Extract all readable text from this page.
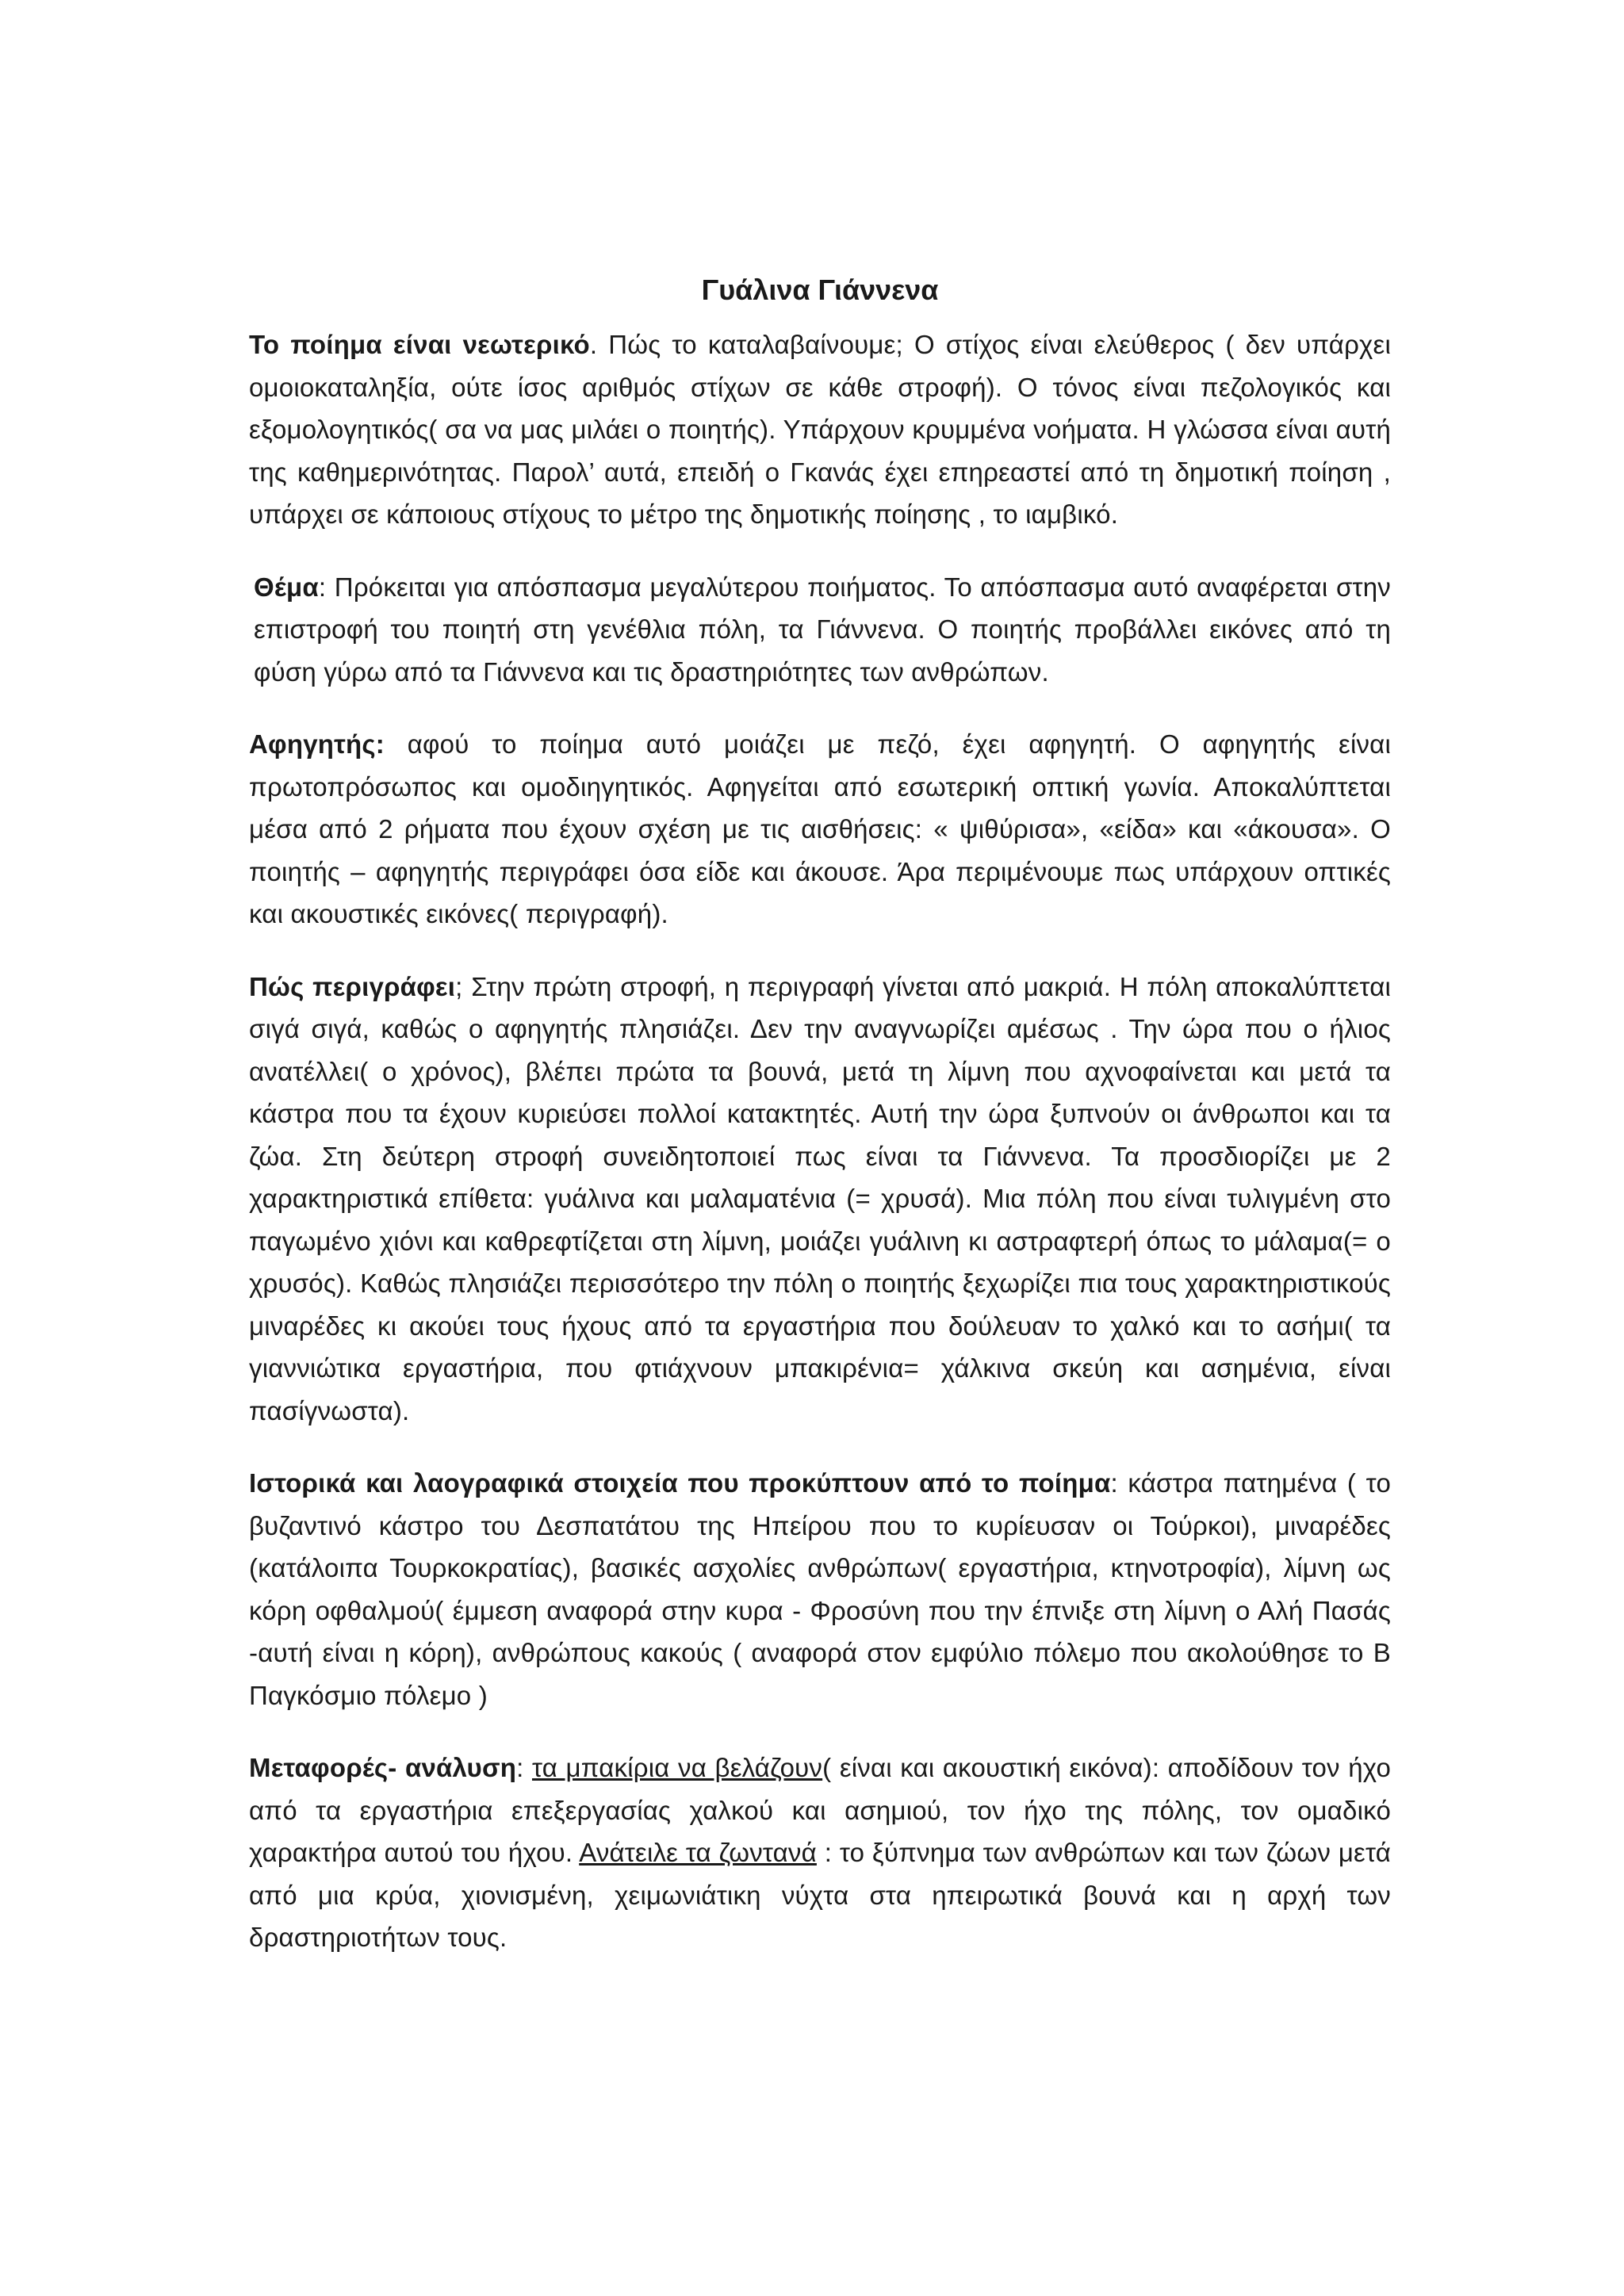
Γυάλινα Γιάννενα

Το ποίημα είναι νεωτερικό. Πώς το καταλαβαίνουμε; Ο στίχος είναι ελεύθερος ( δεν υπάρχει ομοιοκαταληξία, ούτε ίσος αριθμός στίχων σε κάθε στροφή). Ο τόνος είναι πεζολογικός και εξομολογητικός( σα να μας μιλάει ο ποιητής). Υπάρχουν κρυμμένα νοήματα. Η γλώσσα είναι αυτή της καθημερινότητας. Παρολ’ αυτά, επειδή ο Γκανάς έχει επηρεαστεί από τη δημοτική ποίηση , υπάρχει σε κάποιους στίχους το μέτρο της δημοτικής ποίησης , το ιαμβικό.

Θέμα: Πρόκειται για απόσπασμα μεγαλύτερου ποιήματος. Το απόσπασμα αυτό αναφέρεται στην επιστροφή του ποιητή στη γενέθλια πόλη, τα Γιάννενα. Ο ποιητής προβάλλει εικόνες από τη φύση γύρω από τα Γιάννενα και τις δραστηριότητες των ανθρώπων.

Αφηγητής: αφού το ποίημα αυτό μοιάζει με πεζό, έχει αφηγητή. Ο αφηγητής είναι πρωτοπρόσωπος και ομοδιηγητικός. Αφηγείται από εσωτερική οπτική γωνία. Αποκαλύπτεται μέσα από 2 ρήματα που έχουν σχέση με τις αισθήσεις: « ψιθύρισα», «είδα» και «άκουσα». Ο ποιητής – αφηγητής περιγράφει όσα είδε και άκουσε. Άρα περιμένουμε πως υπάρχουν οπτικές και ακουστικές εικόνες( περιγραφή).

Πώς περιγράφει; Στην πρώτη στροφή, η περιγραφή γίνεται από μακριά. Η πόλη αποκαλύπτεται σιγά σιγά, καθώς ο αφηγητής πλησιάζει. Δεν την αναγνωρίζει αμέσως . Την ώρα που ο ήλιος ανατέλλει( ο χρόνος), βλέπει πρώτα τα βουνά, μετά τη λίμνη που αχνοφαίνεται και μετά τα κάστρα που τα έχουν κυριεύσει πολλοί κατακτητές. Αυτή την ώρα ξυπνούν οι άνθρωποι και τα ζώα. Στη δεύτερη στροφή συνειδητοποιεί πως είναι τα Γιάννενα. Τα προσδιορίζει με 2 χαρακτηριστικά επίθετα: γυάλινα και μαλαματένια (= χρυσά). Μια πόλη που είναι τυλιγμένη στο παγωμένο χιόνι και καθρεφτίζεται στη λίμνη, μοιάζει γυάλινη κι αστραφτερή όπως το μάλαμα(= ο χρυσός). Καθώς πλησιάζει περισσότερο την πόλη ο ποιητής ξεχωρίζει πια τους χαρακτηριστικούς μιναρέδες κι ακούει τους ήχους από τα εργαστήρια που δούλευαν το χαλκό και το ασήμι( τα γιαννιώτικα εργαστήρια, που φτιάχνουν μπακιρένια= χάλκινα σκεύη και ασημένια, είναι πασίγνωστα).

Ιστορικά και λαογραφικά στοιχεία που προκύπτουν από το ποίημα: κάστρα πατημένα ( το βυζαντινό κάστρο του Δεσπατάτου της Ηπείρου που το κυρίευσαν οι Τούρκοι), μιναρέδες (κατάλοιπα Τουρκοκρατίας), βασικές ασχολίες ανθρώπων( εργαστήρια, κτηνοτροφία), λίμνη ως κόρη οφθαλμού( έμμεση αναφορά στην κυρα - Φροσύνη που την έπνιξε στη λίμνη ο Αλή Πασάς -αυτή είναι η κόρη), ανθρώπους κακούς ( αναφορά στον εμφύλιο πόλεμο που ακολούθησε το Β Παγκόσμιο πόλεμο )

Μεταφορές- ανάλυση: τα μπακίρια να βελάζουν( είναι και ακουστική εικόνα): αποδίδουν τον ήχο από τα εργαστήρια επεξεργασίας χαλκού και ασημιού, τον ήχο της πόλης, τον ομαδικό χαρακτήρα αυτού του ήχου. Ανάτειλε τα ζωντανά : το ξύπνημα των ανθρώπων και των ζώων μετά από μια κρύα, χιονισμένη, χειμωνιάτικη νύχτα στα ηπειρωτικά βουνά και η αρχή των δραστηριοτήτων τους.
